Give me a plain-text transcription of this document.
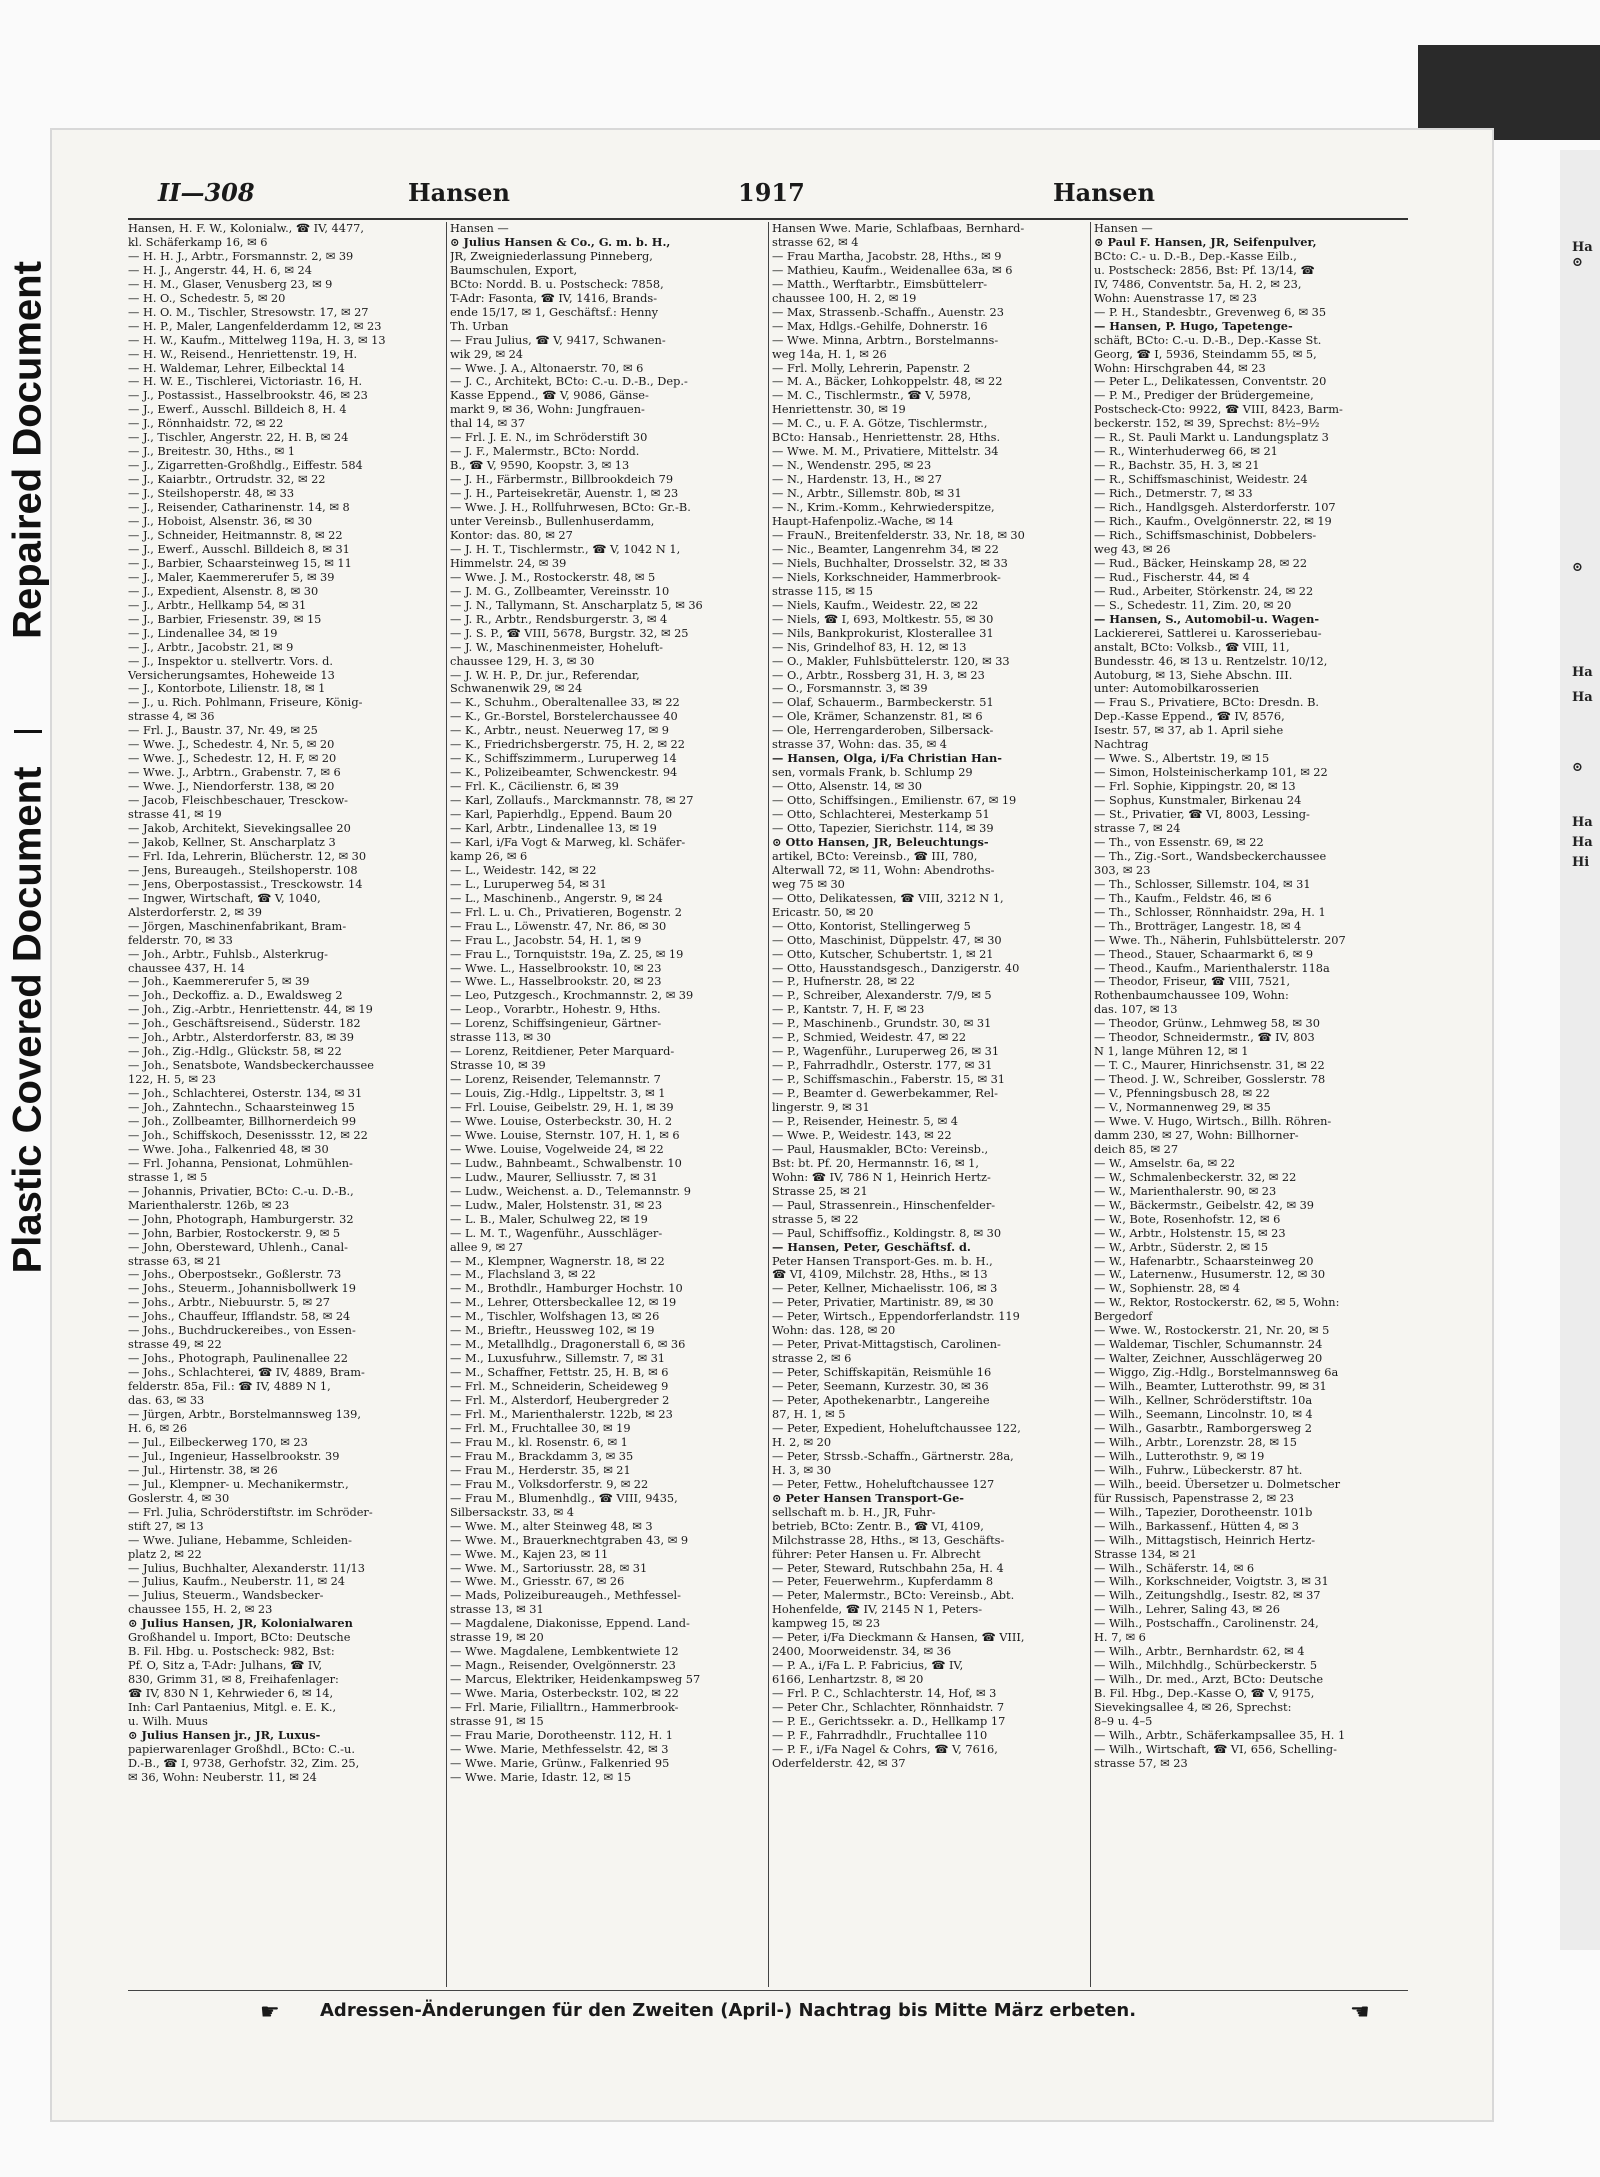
Ha
⊙
⊙
Ha
Ha
⊙
Ha
Ha
Hi
Repaired Document
Plastic Covered Document
II—308	Hansen	1917	Hansen
Hansen, H. F. W., Kolonialw., ☎ IV, 4477,
kl. Schäferkamp 16, ✉ 6
— H. H. J., Arbtr., Forsmannstr. 2, ✉ 39
— H. J., Angerstr. 44, H. 6, ✉ 24
— H. M., Glaser, Venusberg 23, ✉ 9
— H. O., Schedestr. 5, ✉ 20
— H. O. M., Tischler, Stresowstr. 17, ✉ 27
— H. P., Maler, Langenfelderdamm 12, ✉ 23
— H. W., Kaufm., Mittelweg 119a, H. 3, ✉ 13
— H. W., Reisend., Henriettenstr. 19, H.
— H. Waldemar, Lehrer, Eilbecktal 14
— H. W. E., Tischlerei, Victoriastr. 16, H.
— J., Postassist., Hasselbrookstr. 46, ✉ 23
— J., Ewerf., Ausschl. Billdeich 8, H. 4
— J., Rönnhaidstr. 72, ✉ 22
— J., Tischler, Angerstr. 22, H. B, ✉ 24
— J., Breitestr. 30, Hths., ✉ 1
— J., Zigarretten-Großhdlg., Eiffestr. 584
— J., Kaiarbtr., Ortrudstr. 32, ✉ 22
— J., Steilshoperstr. 48, ✉ 33
— J., Reisender, Catharinenstr. 14, ✉ 8
— J., Hoboist, Alsenstr. 36, ✉ 30
— J., Schneider, Heitmannstr. 8, ✉ 22
— J., Ewerf., Ausschl. Billdeich 8, ✉ 31
— J., Barbier, Schaarsteinweg 15, ✉ 11
— J., Maler, Kaemmererufer 5, ✉ 39
— J., Expedient, Alsenstr. 8, ✉ 30
— J., Arbtr., Hellkamp 54, ✉ 31
— J., Barbier, Friesenstr. 39, ✉ 15
— J., Lindenallee 34, ✉ 19
— J., Arbtr., Jacobstr. 21, ✉ 9
— J., Inspektor u. stellvertr. Vors. d.
Versicherungsamtes, Hoheweide 13
— J., Kontorbote, Lilienstr. 18, ✉ 1
— J., u. Rich. Pohlmann, Friseure, König-
strasse 4, ✉ 36
— Frl. J., Baustr. 37, Nr. 49, ✉ 25
— Wwe. J., Schedestr. 4, Nr. 5, ✉ 20
— Wwe. J., Schedestr. 12, H. F, ✉ 20
— Wwe. J., Arbtrn., Grabenstr. 7, ✉ 6
— Wwe. J., Niendorferstr. 138, ✉ 20
— Jacob, Fleischbeschauer, Tresckow-
strasse 41, ✉ 19
— Jakob, Architekt, Sievekingsallee 20
— Jakob, Kellner, St. Anscharplatz 3
— Frl. Ida, Lehrerin, Blücherstr. 12, ✉ 30
— Jens, Bureaugeh., Steilshoperstr. 108
— Jens, Oberpostassist., Tresckowstr. 14
— Ingwer, Wirtschaft, ☎ V, 1040,
Alsterdorferstr. 2, ✉ 39
— Jörgen, Maschinenfabrikant, Bram-
felderstr. 70, ✉ 33
— Joh., Arbtr., Fuhlsb., Alsterkrug-
chaussee 437, H. 14
— Joh., Kaemmererufer 5, ✉ 39
— Joh., Deckoffiz. a. D., Ewaldsweg 2
— Joh., Zig.-Arbtr., Henriettenstr. 44, ✉ 19
— Joh., Geschäftsreisend., Süderstr. 182
— Joh., Arbtr., Alsterdorferstr. 83, ✉ 39
— Joh., Zig.-Hdlg., Glückstr. 58, ✉ 22
— Joh., Senatsbote, Wandsbeckerchaussee
122, H. 5, ✉ 23
— Joh., Schlachterei, Osterstr. 134, ✉ 31
— Joh., Zahntechn., Schaarsteinweg 15
— Joh., Zollbeamter, Billhornerdeich 99
— Joh., Schiffskoch, Desenissstr. 12, ✉ 22
— Wwe. Joha., Falkenried 48, ✉ 30
— Frl. Johanna, Pensionat, Lohmühlen-
strasse 1, ✉ 5
— Johannis, Privatier, BCto: C.-u. D.-B.,
Marienthalerstr. 126b, ✉ 23
— John, Photograph, Hamburgerstr. 32
— John, Barbier, Rostockerstr. 9, ✉ 5
— John, Obersteward, Uhlenh., Canal-
strasse 63, ✉ 21
— Johs., Oberpostsekr., Goßlerstr. 73
— Johs., Steuerm., Johannisbollwerk 19
— Johs., Arbtr., Niebuurstr. 5, ✉ 27
— Johs., Chauffeur, Ifflandstr. 58, ✉ 24
— Johs., Buchdruckereibes., von Essen-
strasse 49, ✉ 22
— Johs., Photograph, Paulinenallee 22
— Johs., Schlachterei, ☎ IV, 4889, Bram-
felderstr. 85a, Fil.: ☎ IV, 4889 N 1,
das. 63, ✉ 33
— Jürgen, Arbtr., Borstelmannsweg 139,
H. 6, ✉ 26
— Jul., Eilbeckerweg 170, ✉ 23
— Jul., Ingenieur, Hasselbrookstr. 39
— Jul., Hirtenstr. 38, ✉ 26
— Jul., Klempner- u. Mechanikermstr.,
Goslerstr. 4, ✉ 30
— Frl. Julia, Schröderstiftstr. im Schröder-
stift 27, ✉ 13
— Wwe. Juliane, Hebamme, Schleiden-
platz 2, ✉ 22
— Julius, Buchhalter, Alexanderstr. 11/13
— Julius, Kaufm., Neuberstr. 11, ✉ 24
— Julius, Steuerm., Wandsbecker-
chaussee 155, H. 2, ✉ 23
⊙ Julius Hansen, JR, Kolonialwaren
Großhandel u. Import, BCto: Deutsche
B. Fil. Hbg. u. Postscheck: 982, Bst:
Pf. O, Sitz a, T-Adr: Julhans, ☎ IV,
830, Grimm 31, ✉ 8, Freihafenlager:
☎ IV, 830 N 1, Kehrwieder 6, ✉ 14,
Inh: Carl Pantaenius, Mitgl. e. E. K.,
u. Wilh. Muus
⊙ Julius Hansen jr., JR, Luxus-
papierwarenlager Großhdl., BCto: C.-u.
D.-B., ☎ I, 9738, Gerhofstr. 32, Zim. 25,
✉ 36, Wohn: Neuberstr. 11, ✉ 24
Hansen —
⊙ Julius Hansen & Co., G. m. b. H.,
JR, Zweigniederlassung Pinneberg,
Baumschulen, Export,
BCto: Nordd. B. u. Postscheck: 7858,
T-Adr: Fasonta, ☎ IV, 1416, Brands-
ende 15/17, ✉ 1, Geschäftsf.: Henny
Th. Urban
— Frau Julius, ☎ V, 9417, Schwanen-
wik 29, ✉ 24
— Wwe. J. A., Altonaerstr. 70, ✉ 6
— J. C., Architekt, BCto: C.-u. D.-B., Dep.-
Kasse Eppend., ☎ V, 9086, Gänse-
markt 9, ✉ 36, Wohn: Jungfrauen-
thal 14, ✉ 37
— Frl. J. E. N., im Schröderstift 30
— J. F., Malermstr., BCto: Nordd.
B., ☎ V, 9590, Koopstr. 3, ✉ 13
— J. H., Färbermstr., Billbrookdeich 79
— J. H., Parteisekretär, Auenstr. 1, ✉ 23
— Wwe. J. H., Rollfuhrwesen, BCto: Gr.-B.
unter Vereinsb., Bullenhuserdamm,
Kontor: das. 80, ✉ 27
— J. H. T., Tischlermstr., ☎ V, 1042 N 1,
Himmelstr. 24, ✉ 39
— Wwe. J. M., Rostockerstr. 48, ✉ 5
— J. M. G., Zollbeamter, Vereinsstr. 10
— J. N., Tallymann, St. Anscharplatz 5, ✉ 36
— J. R., Arbtr., Rendsburgerstr. 3, ✉ 4
— J. S. P., ☎ VIII, 5678, Burgstr. 32, ✉ 25
— J. W., Maschinenmeister, Hoheluft-
chaussee 129, H. 3, ✉ 30
— J. W. H. P., Dr. jur., Referendar,
Schwanenwik 29, ✉ 24
— K., Schuhm., Oberaltenallee 33, ✉ 22
— K., Gr.-Borstel, Borstelerchaussee 40
— K., Arbtr., neust. Neuerweg 17, ✉ 9
— K., Friedrichsbergerstr. 75, H. 2, ✉ 22
— K., Schiffszimmerm., Luruperweg 14
— K., Polizeibeamter, Schwenckestr. 94
— Frl. K., Cäcilienstr. 6, ✉ 39
— Karl, Zollaufs., Marckmannstr. 78, ✉ 27
— Karl, Papierhdlg., Eppend. Baum 20
— Karl, Arbtr., Lindenallee 13, ✉ 19
— Karl, i/Fa Vogt & Marweg, kl. Schäfer-
kamp 26, ✉ 6
— L., Weidestr. 142, ✉ 22
— L., Luruperweg 54, ✉ 31
— L., Maschinenb., Angerstr. 9, ✉ 24
— Frl. L. u. Ch., Privatieren, Bogenstr. 2
— Frau L., Löwenstr. 47, Nr. 86, ✉ 30
— Frau L., Jacobstr. 54, H. 1, ✉ 9
— Frau L., Tornquiststr. 19a, Z. 25, ✉ 19
— Wwe. L., Hasselbrookstr. 10, ✉ 23
— Wwe. L., Hasselbrookstr. 20, ✉ 23
— Leo, Putzgesch., Krochmannstr. 2, ✉ 39
— Leop., Vorarbtr., Hohestr. 9, Hths.
— Lorenz, Schiffsingenieur, Gärtner-
strasse 113, ✉ 30
— Lorenz, Reitdiener, Peter Marquard-
Strasse 10, ✉ 39
— Lorenz, Reisender, Telemannstr. 7
— Louis, Zig.-Hdlg., Lippeltstr. 3, ✉ 1
— Frl. Louise, Geibelstr. 29, H. 1, ✉ 39
— Wwe. Louise, Osterbeckstr. 30, H. 2
— Wwe. Louise, Sternstr. 107, H. 1, ✉ 6
— Wwe. Louise, Vogelweide 24, ✉ 22
— Ludw., Bahnbeamt., Schwalbenstr. 10
— Ludw., Maurer, Selliusstr. 7, ✉ 31
— Ludw., Weichenst. a. D., Telemannstr. 9
— Ludw., Maler, Holstenstr. 31, ✉ 23
— L. B., Maler, Schulweg 22, ✉ 19
— L. M. T., Wagenführ., Ausschläger-
allee 9, ✉ 27
— M., Klempner, Wagnerstr. 18, ✉ 22
— M., Flachsland 3, ✉ 22
— M., Brothdlr., Hamburger Hochstr. 10
— M., Lehrer, Ottersbeckallee 12, ✉ 19
— M., Tischler, Wolfshagen 13, ✉ 26
— M., Brieftr., Heussweg 102, ✉ 19
— M., Metallhdlg., Dragonerstall 6, ✉ 36
— M., Luxusfuhrw., Sillemstr. 7, ✉ 31
— M., Schaffner, Fettstr. 25, H. B, ✉ 6
— Frl. M., Schneiderin, Scheideweg 9
— Frl. M., Alsterdorf, Heubergreder 2
— Frl. M., Marienthalerstr. 122b, ✉ 23
— Frl. M., Fruchtallee 30, ✉ 19
— Frau M., kl. Rosenstr. 6, ✉ 1
— Frau M., Brackdamm 3, ✉ 35
— Frau M., Herderstr. 35, ✉ 21
— Frau M., Volksdorferstr. 9, ✉ 22
— Frau M., Blumenhdlg., ☎ VIII, 9435,
Silbersackstr. 33, ✉ 4
— Wwe. M., alter Steinweg 48, ✉ 3
— Wwe. M., Brauerknechtgraben 43, ✉ 9
— Wwe. M., Kajen 23, ✉ 11
— Wwe. M., Sartoriusstr. 28, ✉ 31
— Wwe. M., Griesstr. 67, ✉ 26
— Mads, Polizeibureaugeh., Methfessel-
strasse 13, ✉ 31
— Magdalene, Diakonisse, Eppend. Land-
strasse 19, ✉ 20
— Wwe. Magdalene, Lembkentwiete 12
— Magn., Reisender, Ovelgönnerstr. 23
— Marcus, Elektriker, Heidenkampsweg 57
— Wwe. Maria, Osterbeckstr. 102, ✉ 22
— Frl. Marie, Filialltrn., Hammerbrook-
strasse 91, ✉ 15
— Frau Marie, Dorotheenstr. 112, H. 1
— Wwe. Marie, Methfesselstr. 42, ✉ 3
— Wwe. Marie, Grünw., Falkenried 95
— Wwe. Marie, Idastr. 12, ✉ 15
Hansen Wwe. Marie, Schlafbaas, Bernhard-
strasse 62, ✉ 4
— Frau Martha, Jacobstr. 28, Hths., ✉ 9
— Mathieu, Kaufm., Weidenallee 63a, ✉ 6
— Matth., Werftarbtr., Eimsbüttelerr-
chaussee 100, H. 2, ✉ 19
— Max, Strassenb.-Schaffn., Auenstr. 23
— Max, Hdlgs.-Gehilfe, Dohnerstr. 16
— Wwe. Minna, Arbtrn., Borstelmanns-
weg 14a, H. 1, ✉ 26
— Frl. Molly, Lehrerin, Papenstr. 2
— M. A., Bäcker, Lohkoppelstr. 48, ✉ 22
— M. C., Tischlermstr., ☎ V, 5978,
Henriettenstr. 30, ✉ 19
— M. C., u. F. A. Götze, Tischlermstr.,
BCto: Hansab., Henriettenstr. 28, Hths.
— Wwe. M. M., Privatiere, Mittelstr. 34
— N., Wendenstr. 295, ✉ 23
— N., Hardenstr. 13, H., ✉ 27
— N., Arbtr., Sillemstr. 80b, ✉ 31
— N., Krim.-Komm., Kehrwiederspitze,
Haupt-Hafenpoliz.-Wache, ✉ 14
— FrauN., Breitenfelderstr. 33, Nr. 18, ✉ 30
— Nic., Beamter, Langenrehm 34, ✉ 22
— Niels, Buchhalter, Drosselstr. 32, ✉ 33
— Niels, Korkschneider, Hammerbrook-
strasse 115, ✉ 15
— Niels, Kaufm., Weidestr. 22, ✉ 22
— Niels, ☎ I, 693, Moltkestr. 55, ✉ 30
— Nils, Bankprokurist, Klosterallee 31
— Nis, Grindelhof 83, H. 12, ✉ 13
— O., Makler, Fuhlsbüttelerstr. 120, ✉ 33
— O., Arbtr., Rossberg 31, H. 3, ✉ 23
— O., Forsmannstr. 3, ✉ 39
— Olaf, Schauerm., Barmbeckerstr. 51
— Ole, Krämer, Schanzenstr. 81, ✉ 6
— Ole, Herrengarderoben, Silbersack-
strasse 37, Wohn: das. 35, ✉ 4
— Hansen, Olga, i/Fa Christian Han-
sen, vormals Frank, b. Schlump 29
— Otto, Alsenstr. 14, ✉ 30
— Otto, Schiffsingen., Emilienstr. 67, ✉ 19
— Otto, Schlachterei, Mesterkamp 51
— Otto, Tapezier, Sierichstr. 114, ✉ 39
⊙ Otto Hansen, JR, Beleuchtungs-
artikel, BCto: Vereinsb., ☎ III, 780,
Alterwall 72, ✉ 11, Wohn: Abendroths-
weg 75 ✉ 30
— Otto, Delikatessen, ☎ VIII, 3212 N 1,
Ericastr. 50, ✉ 20
— Otto, Kontorist, Stellingerweg 5
— Otto, Maschinist, Düppelstr. 47, ✉ 30
— Otto, Kutscher, Schubertstr. 1, ✉ 21
— Otto, Hausstandsgesch., Danzigerstr. 40
— P., Hufnerstr. 28, ✉ 22
— P., Schreiber, Alexanderstr. 7/9, ✉ 5
— P., Kantstr. 7, H. F, ✉ 23
— P., Maschinenb., Grundstr. 30, ✉ 31
— P., Schmied, Weidestr. 47, ✉ 22
— P., Wagenführ., Luruperweg 26, ✉ 31
— P., Fahrradhdlr., Osterstr. 177, ✉ 31
— P., Schiffsmaschin., Faberstr. 15, ✉ 31
— P., Beamter d. Gewerbekammer, Rel-
lingerstr. 9, ✉ 31
— P., Reisender, Heinestr. 5, ✉ 4
— Wwe. P., Weidestr. 143, ✉ 22
— Paul, Hausmakler, BCto: Vereinsb.,
Bst: bt. Pf. 20, Hermannstr. 16, ✉ 1,
Wohn: ☎ IV, 786 N 1, Heinrich Hertz-
Strasse 25, ✉ 21
— Paul, Strassenrein., Hinschenfelder-
strasse 5, ✉ 22
— Paul, Schiffsoffiz., Koldingstr. 8, ✉ 30
— Hansen, Peter, Geschäftsf. d.
Peter Hansen Transport-Ges. m. b. H.,
☎ VI, 4109, Milchstr. 28, Hths., ✉ 13
— Peter, Kellner, Michaelisstr. 106, ✉ 3
— Peter, Privatier, Martinistr. 89, ✉ 30
— Peter, Wirtsch., Eppendorferlandstr. 119
Wohn: das. 128, ✉ 20
— Peter, Privat-Mittagstisch, Carolinen-
strasse 2, ✉ 6
— Peter, Schiffskapitän, Reismühle 16
— Peter, Seemann, Kurzestr. 30, ✉ 36
— Peter, Apothekenarbtr., Langereihe
87, H. 1, ✉ 5
— Peter, Expedient, Hoheluftchaussee 122,
H. 2, ✉ 20
— Peter, Strssb.-Schaffn., Gärtnerstr. 28a,
H. 3, ✉ 30
— Peter, Fettw., Hoheluftchaussee 127
⊙ Peter Hansen Transport-Ge-
sellschaft m. b. H., JR, Fuhr-
betrieb, BCto: Zentr. B., ☎ VI, 4109,
Milchstrasse 28, Hths., ✉ 13, Geschäfts-
führer: Peter Hansen u. Fr. Albrecht
— Peter, Steward, Rutschbahn 25a, H. 4
— Peter, Feuerwehrm., Kupferdamm 8
— Peter, Malermstr., BCto: Vereinsb., Abt.
Hohenfelde, ☎ IV, 2145 N 1, Peters-
kampweg 15, ✉ 23
— Peter, i/Fa Dieckmann & Hansen, ☎ VIII,
2400, Moorweidenstr. 34, ✉ 36
— P. A., i/Fa L. P. Fabricius, ☎ IV,
6166, Lenhartzstr. 8, ✉ 20
— Frl. P. C., Schlachterstr. 14, Hof, ✉ 3
— Peter Chr., Schlachter, Rönnhaidstr. 7
— P. E., Gerichtssekr. a. D., Hellkamp 17
— P. F., Fahrradhdlr., Fruchtallee 110
— P. F., i/Fa Nagel & Cohrs, ☎ V, 7616,
Oderfelderstr. 42, ✉ 37
Hansen —
⊙ Paul F. Hansen, JR, Seifenpulver,
BCto: C.- u. D.-B., Dep.-Kasse Eilb.,
u. Postscheck: 2856, Bst: Pf. 13/14, ☎
IV, 7486, Conventstr. 5a, H. 2, ✉ 23,
Wohn: Auenstrasse 17, ✉ 23
— P. H., Standesbtr., Grevenweg 6, ✉ 35
— Hansen, P. Hugo, Tapetenge-
schäft, BCto: C.-u. D.-B., Dep.-Kasse St.
Georg, ☎ I, 5936, Steindamm 55, ✉ 5,
Wohn: Hirschgraben 44, ✉ 23
— Peter L., Delikatessen, Conventstr. 20
— P. M., Prediger der Brüdergemeine,
Postscheck-Cto: 9922, ☎ VIII, 8423, Barm-
beckerstr. 152, ✉ 39, Sprechst: 8½–9½
— R., St. Pauli Markt u. Landungsplatz 3
— R., Winterhuderweg 66, ✉ 21
— R., Bachstr. 35, H. 3, ✉ 21
— R., Schiffsmaschinist, Weidestr. 24
— Rich., Detmerstr. 7, ✉ 33
— Rich., Handlgsgeh. Alsterdorferstr. 107
— Rich., Kaufm., Ovelgönnerstr. 22, ✉ 19
— Rich., Schiffsmaschinist, Dobbelers-
weg 43, ✉ 26
— Rud., Bäcker, Heinskamp 28, ✉ 22
— Rud., Fischerstr. 44, ✉ 4
— Rud., Arbeiter, Störkenstr. 24, ✉ 22
— S., Schedestr. 11, Zim. 20, ✉ 20
— Hansen, S., Automobil-u. Wagen-
Lackiererei, Sattlerei u. Karosseriebau-
anstalt, BCto: Volksb., ☎ VIII, 11,
Bundesstr. 46, ✉ 13 u. Rentzelstr. 10/12,
Autoburg, ✉ 13, Siehe Abschn. III.
unter: Automobilkarosserien
— Frau S., Privatiere, BCto: Dresdn. B.
Dep.-Kasse Eppend., ☎ IV, 8576,
Isestr. 57, ✉ 37, ab 1. April siehe
Nachtrag
— Wwe. S., Albertstr. 19, ✉ 15
— Simon, Holsteinischerkamp 101, ✉ 22
— Frl. Sophie, Kippingstr. 20, ✉ 13
— Sophus, Kunstmaler, Birkenau 24
— St., Privatier, ☎ VI, 8003, Lessing-
strasse 7, ✉ 24
— Th., von Essenstr. 69, ✉ 22
— Th., Zig.-Sort., Wandsbeckerchaussee
303, ✉ 23
— Th., Schlosser, Sillemstr. 104, ✉ 31
— Th., Kaufm., Feldstr. 46, ✉ 6
— Th., Schlosser, Rönnhaidstr. 29a, H. 1
— Th., Brotträger, Langestr. 18, ✉ 4
— Wwe. Th., Näherin, Fuhlsbüttelerstr. 207
— Theod., Stauer, Schaarmarkt 6, ✉ 9
— Theod., Kaufm., Marienthalerstr. 118a
— Theodor, Friseur, ☎ VIII, 7521,
Rothenbaumchaussee 109, Wohn:
das. 107, ✉ 13
— Theodor, Grünw., Lehmweg 58, ✉ 30
— Theodor, Schneidermstr., ☎ IV, 803
N 1, lange Mühren 12, ✉ 1
— T. C., Maurer, Hinrichsenstr. 31, ✉ 22
— Theod. J. W., Schreiber, Gosslerstr. 78
— V., Pfenningsbusch 28, ✉ 22
— V., Normannenweg 29, ✉ 35
— Wwe. V. Hugo, Wirtsch., Billh. Röhren-
damm 230, ✉ 27, Wohn: Billhorner-
deich 85, ✉ 27
— W., Amselstr. 6a, ✉ 22
— W., Schmalenbeckerstr. 32, ✉ 22
— W., Marienthalerstr. 90, ✉ 23
— W., Bäckermstr., Geibelstr. 42, ✉ 39
— W., Bote, Rosenhofstr. 12, ✉ 6
— W., Arbtr., Holstenstr. 15, ✉ 23
— W., Arbtr., Süderstr. 2, ✉ 15
— W., Hafenarbtr., Schaarsteinweg 20
— W., Laternenw., Husumerstr. 12, ✉ 30
— W., Sophienstr. 28, ✉ 4
— W., Rektor, Rostockerstr. 62, ✉ 5, Wohn:
Bergedorf
— Wwe. W., Rostockerstr. 21, Nr. 20, ✉ 5
— Waldemar, Tischler, Schumannstr. 24
— Walter, Zeichner, Ausschlägerweg 20
— Wiggo, Zig.-Hdlg., Borstelmannsweg 6a
— Wilh., Beamter, Lutterothstr. 99, ✉ 31
— Wilh., Kellner, Schröderstiftstr. 10a
— Wilh., Seemann, Lincolnstr. 10, ✉ 4
— Wilh., Gasarbtr., Ramborgersweg 2
— Wilh., Arbtr., Lorenzstr. 28, ✉ 15
— Wilh., Lutterothstr. 9, ✉ 19
— Wilh., Fuhrw., Lübeckerstr. 87 ht.
— Wilh., beeid. Übersetzer u. Dolmetscher
für Russisch, Papenstrasse 2, ✉ 23
— Wilh., Tapezier, Dorotheenstr. 101b
— Wilh., Barkassenf., Hütten 4, ✉ 3
— Wilh., Mittagstisch, Heinrich Hertz-
Strasse 134, ✉ 21
— Wilh., Schäferstr. 14, ✉ 6
— Wilh., Korkschneider, Voigtstr. 3, ✉ 31
— Wilh., Zeitungshdlg., Isestr. 82, ✉ 37
— Wilh., Lehrer, Saling 43, ✉ 26
— Wilh., Postschaffn., Carolinenstr. 24,
H. 7, ✉ 6
— Wilh., Arbtr., Bernhardstr. 62, ✉ 4
— Wilh., Milchhdlg., Schürbeckerstr. 5
— Wilh., Dr. med., Arzt, BCto: Deutsche
B. Fil. Hbg., Dep.-Kasse O, ☎ V, 9175,
Sievekingsallee 4, ✉ 26, Sprechst:
8–9 u. 4–5
— Wilh., Arbtr., Schäferkampsallee 35, H. 1
— Wilh., Wirtschaft, ☎ VI, 656, Schelling-
strasse 57, ✉ 23
☛ Adressen-Änderungen für den Zweiten (April-) Nachtrag bis Mitte März erbeten.	☚
